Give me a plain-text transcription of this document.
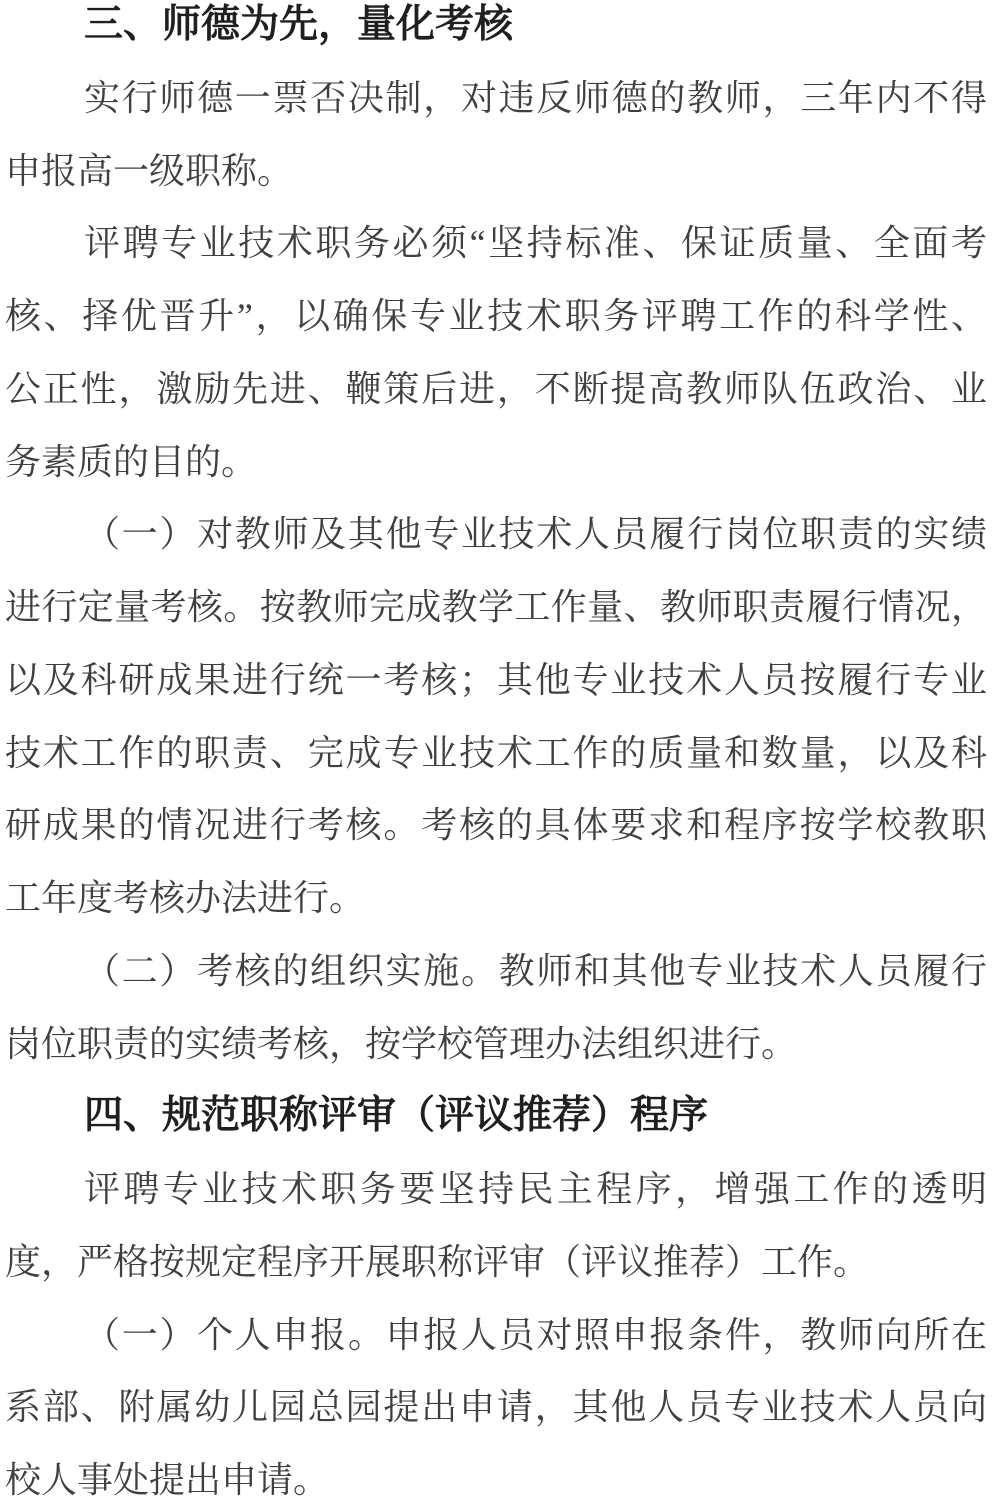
三、师德为先，量化考核
实行师德一票否决制，对违反师德的教师，三年内不得
申报高一级职称。
评聘专业技术职务必须“坚持标准、保证质量、全面考
核、择优晋升”，以确保专业技术职务评聘工作的科学性、
公正性，激励先进、鞭策后进，不断提高教师队伍政治、业
务素质的目的。
（一）对教师及其他专业技术人员履行岗位职责的实绩
进行定量考核。按教师完成教学工作量、教师职责履行情况，
以及科研成果进行统一考核；其他专业技术人员按履行专业
技术工作的职责、完成专业技术工作的质量和数量，以及科
研成果的情况进行考核。考核的具体要求和程序按学校教职
工年度考核办法进行。
（二）考核的组织实施。教师和其他专业技术人员履行
岗位职责的实绩考核，按学校管理办法组织进行。
四、规范职称评审（评议推荐）程序
评聘专业技术职务要坚持民主程序，增强工作的透明
度，严格按规定程序开展职称评审（评议推荐）工作。
（一）个人申报。申报人员对照申报条件，教师向所在
系部、附属幼儿园总园提出申请，其他人员专业技术人员向
校人事处提出申请。
